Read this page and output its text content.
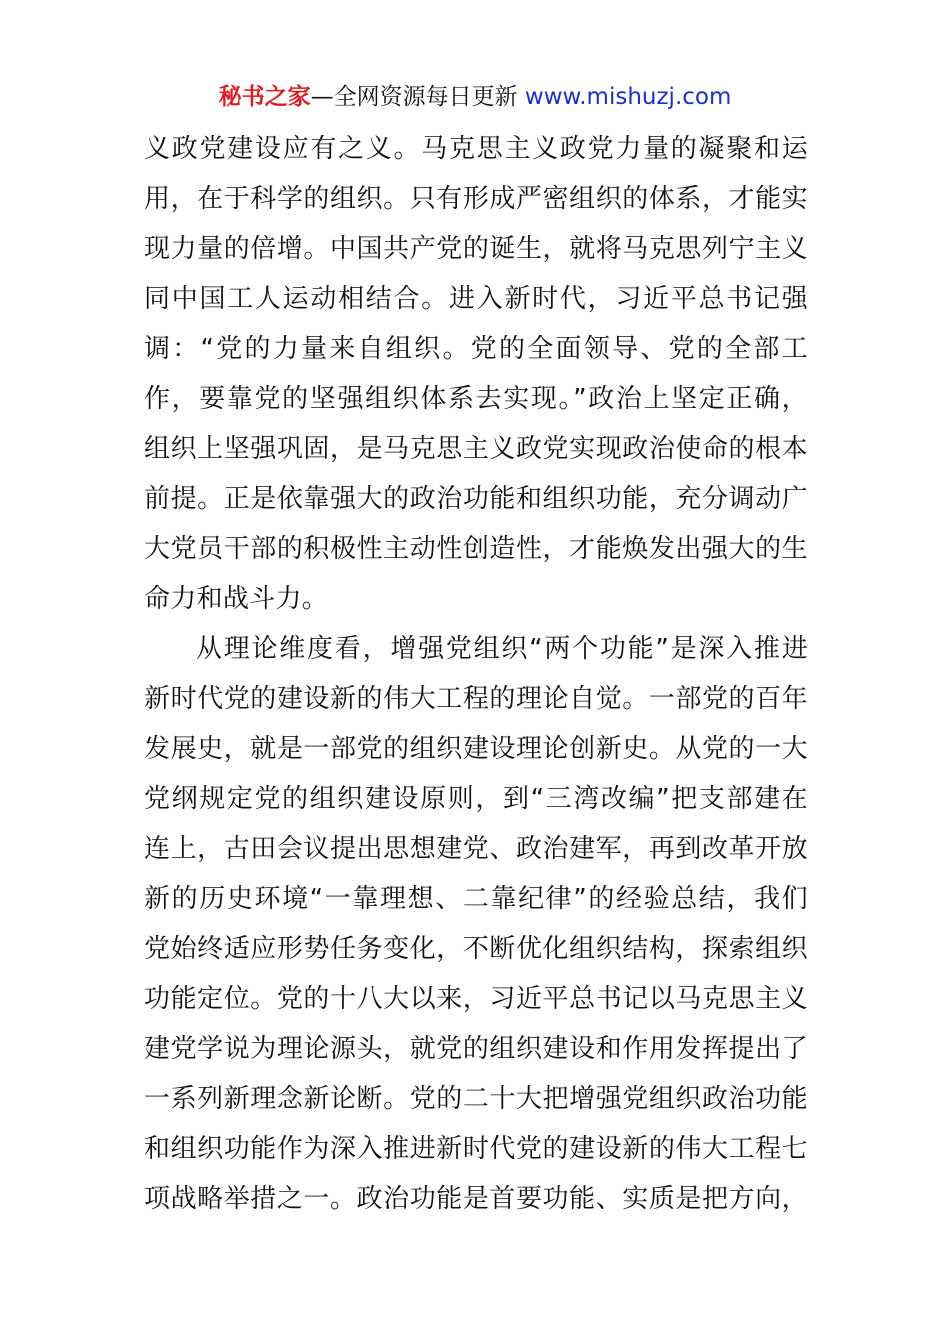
秘书之家—全网资源每日更新 www.mishuzj.com
义政党建设应有之义。马克思主义政党力量的凝聚和运
用，在于科学的组织。只有形成严密组织的体系，才能实
现力量的倍增。中国共产党的诞生，就将马克思列宁主义
同中国工人运动相结合。进入新时代，习近平总书记强
调：“党的力量来自组织。党的全面领导、党的全部工
作，要靠党的坚强组织体系去实现。”政治上坚定正确，
组织上坚强巩固，是马克思主义政党实现政治使命的根本
前提。正是依靠强大的政治功能和组织功能，充分调动广
大党员干部的积极性主动性创造性，才能焕发出强大的生
命力和战斗力。
从理论维度看，增强党组织“两个功能”是深入推进
新时代党的建设新的伟大工程的理论自觉。一部党的百年
发展史，就是一部党的组织建设理论创新史。从党的一大
党纲规定党的组织建设原则，到“三湾改编”把支部建在
连上，古田会议提出思想建党、政治建军，再到改革开放
新的历史环境“一靠理想、二靠纪律”的经验总结，我们
党始终适应形势任务变化，不断优化组织结构，探索组织
功能定位。党的十八大以来，习近平总书记以马克思主义
建党学说为理论源头，就党的组织建设和作用发挥提出了
一系列新理念新论断。党的二十大把增强党组织政治功能
和组织功能作为深入推进新时代党的建设新的伟大工程七
项战略举措之一。政治功能是首要功能、实质是把方向，
